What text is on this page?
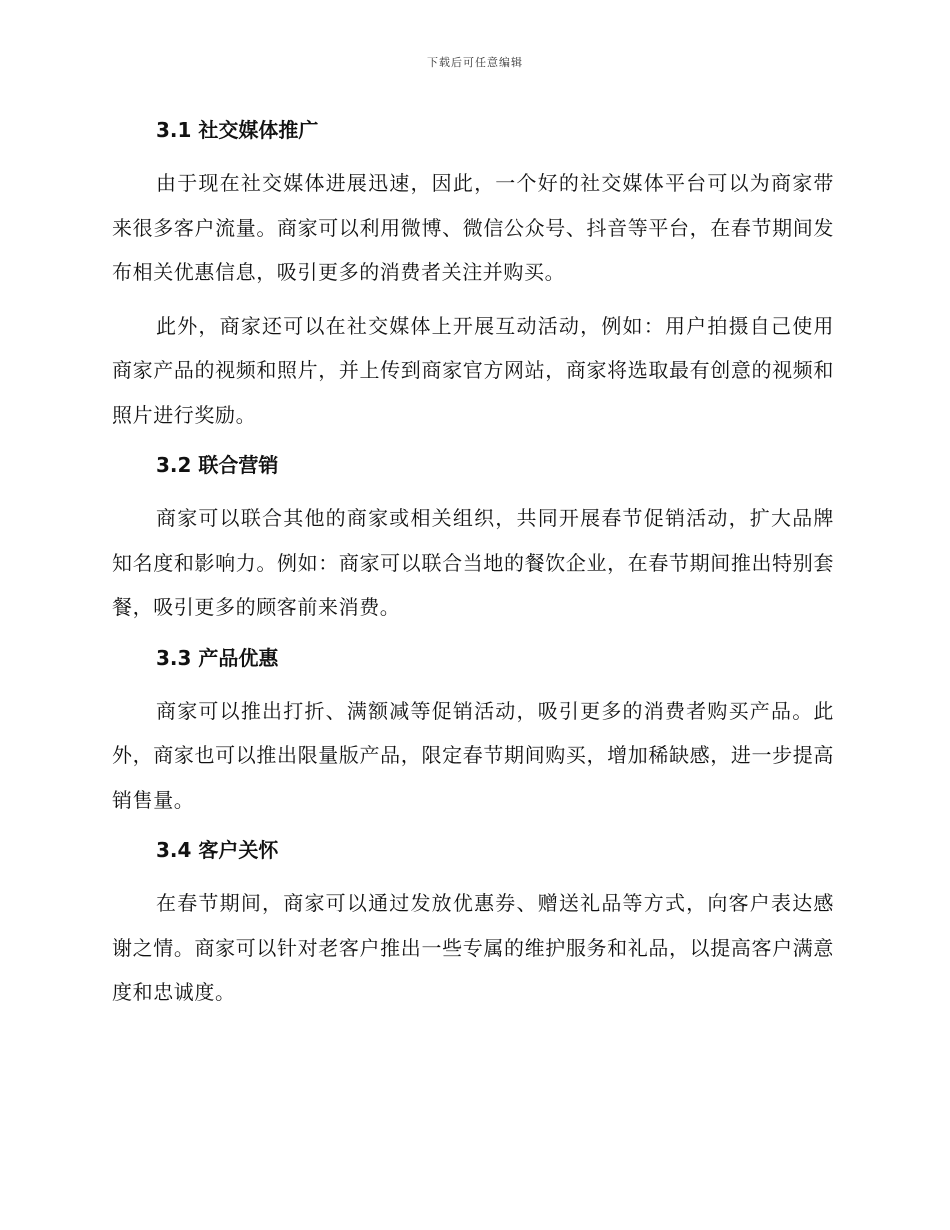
下载后可任意编辑
3.1 社交媒体推广

由于现在社交媒体进展迅速，因此，一个好的社交媒体平台可以为商家带来很多客户流量。商家可以利用微博、微信公众号、抖音等平台，在春节期间发布相关优惠信息，吸引更多的消费者关注并购买。

此外，商家还可以在社交媒体上开展互动活动，例如：用户拍摄自己使用商家产品的视频和照片，并上传到商家官方网站，商家将选取最有创意的视频和照片进行奖励。

3.2 联合营销

商家可以联合其他的商家或相关组织，共同开展春节促销活动，扩大品牌知名度和影响力。例如：商家可以联合当地的餐饮企业，在春节期间推出特别套餐，吸引更多的顾客前来消费。

3.3 产品优惠

商家可以推出打折、满额减等促销活动，吸引更多的消费者购买产品。此外，商家也可以推出限量版产品，限定春节期间购买，增加稀缺感，进一步提高销售量。

3.4 客户关怀

在春节期间，商家可以通过发放优惠券、赠送礼品等方式，向客户表达感谢之情。商家可以针对老客户推出一些专属的维护服务和礼品，以提高客户满意度和忠诚度。
